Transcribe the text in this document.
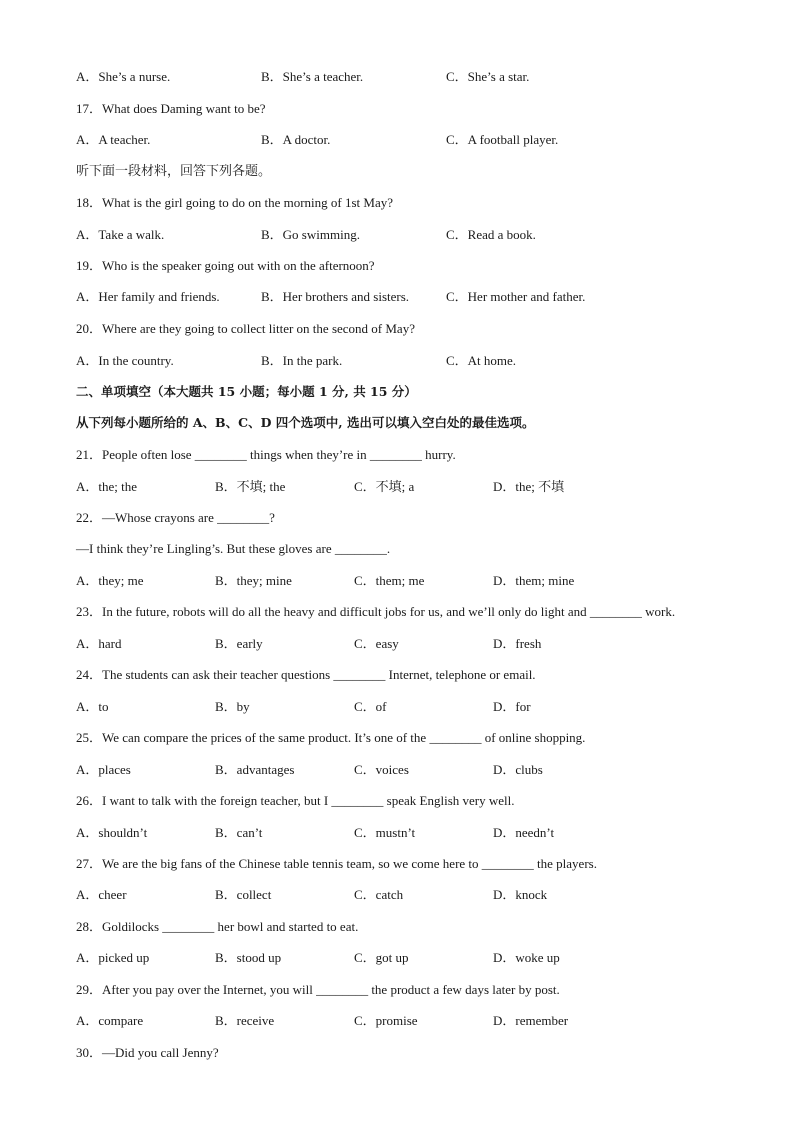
A．She’s a nurse.	B．She’s a teacher.	C．She’s a star.
17．What does Daming want to be?
A．A teacher.	B．A doctor.	C．A football player.
听下面一段材料，回答下列各题。
18．What is the girl going to do on the morning of 1st May?
A．Take a walk.	B．Go swimming.	C．Read a book.
19．Who is the speaker going out with on the afternoon?
A．Her family and friends.	B．Her brothers and sisters.	C．Her mother and father.
20．Where are they going to collect litter on the second of May?
A．In the country.	B．In the park.	C．At home.
二、单项填空（本大题共 15 小题；每小题 1 分, 共 15 分）
从下列每小题所给的 A、B、C、D 四个选项中, 选出可以填入空白处的最佳选项。
21．People often lose ________ things when they’re in ________ hurry.
A．the; the	B．不填; the	C．不填; a	D．the; 不填
22．—Whose crayons are ________?
—I think they’re Lingling’s. But these gloves are ________.
A．they; me	B．they; mine	C．them; me	D．them; mine
23．In the future, robots will do all the heavy and difficult jobs for us, and we’ll only do light and ________ work.
A．hard	B．early	C．easy	D．fresh
24．The students can ask their teacher questions ________ Internet, telephone or email.
A．to	B．by	C．of	D．for
25．We can compare the prices of the same product. It’s one of the ________ of online shopping.
A．places	B．advantages	C．voices	D．clubs
26．I want to talk with the foreign teacher, but I ________ speak English very well.
A．shouldn’t	B．can’t	C．mustn’t	D．needn’t
27．We are the big fans of the Chinese table tennis team, so we come here to ________ the players.
A．cheer	B．collect	C．catch	D．knock
28．Goldilocks ________ her bowl and started to eat.
A．picked up	B．stood up	C．got up	D．woke up
29．After you pay over the Internet, you will ________ the product a few days later by post.
A．compare	B．receive	C．promise	D．remember
30．—Did you call Jenny?
